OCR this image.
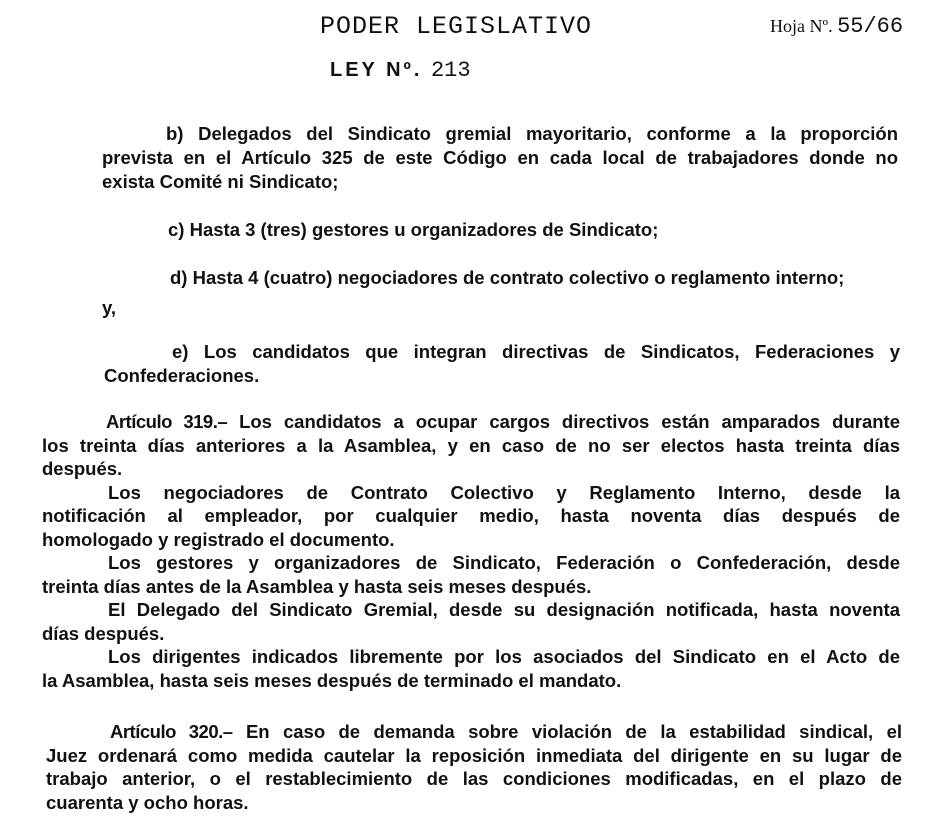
PODER LEGISLATIVO	Hoja Nº. 55/66
LEY Nº. 213
b) Delegados del Sindicato gremial mayoritario, conforme a la proporción
prevista en el Artículo 325 de este Código en cada local de trabajadores donde no
exista Comité ni Sindicato;
c) Hasta 3 (tres) gestores u organizadores de Sindicato;
d) Hasta 4 (cuatro) negociadores de contrato colectivo o reglamento interno;
y,
e) Los candidatos que integran directivas de Sindicatos, Federaciones y
Confederaciones.
Artículo 319.– Los candidatos a ocupar cargos directivos están amparados durante
los treinta días anteriores a la Asamblea, y en caso de no ser electos hasta treinta días
después.
Los negociadores de Contrato Colectivo y Reglamento Interno, desde la
notificación al empleador, por cualquier medio, hasta noventa días después de
homologado y registrado el documento.
Los gestores y organizadores de Sindicato, Federación o Confederación, desde
treinta días antes de la Asamblea y hasta seis meses después.
El Delegado del Sindicato Gremial, desde su designación notificada, hasta noventa
días después.
Los dirigentes indicados libremente por los asociados del Sindicato en el Acto de
la Asamblea, hasta seis meses después de terminado el mandato.
Artículo 320.– En caso de demanda sobre violación de la estabilidad sindical, el
Juez ordenará como medida cautelar la reposición inmediata del dirigente en su lugar de
trabajo anterior, o el restablecimiento de las condiciones modificadas, en el plazo de
cuarenta y ocho horas.
